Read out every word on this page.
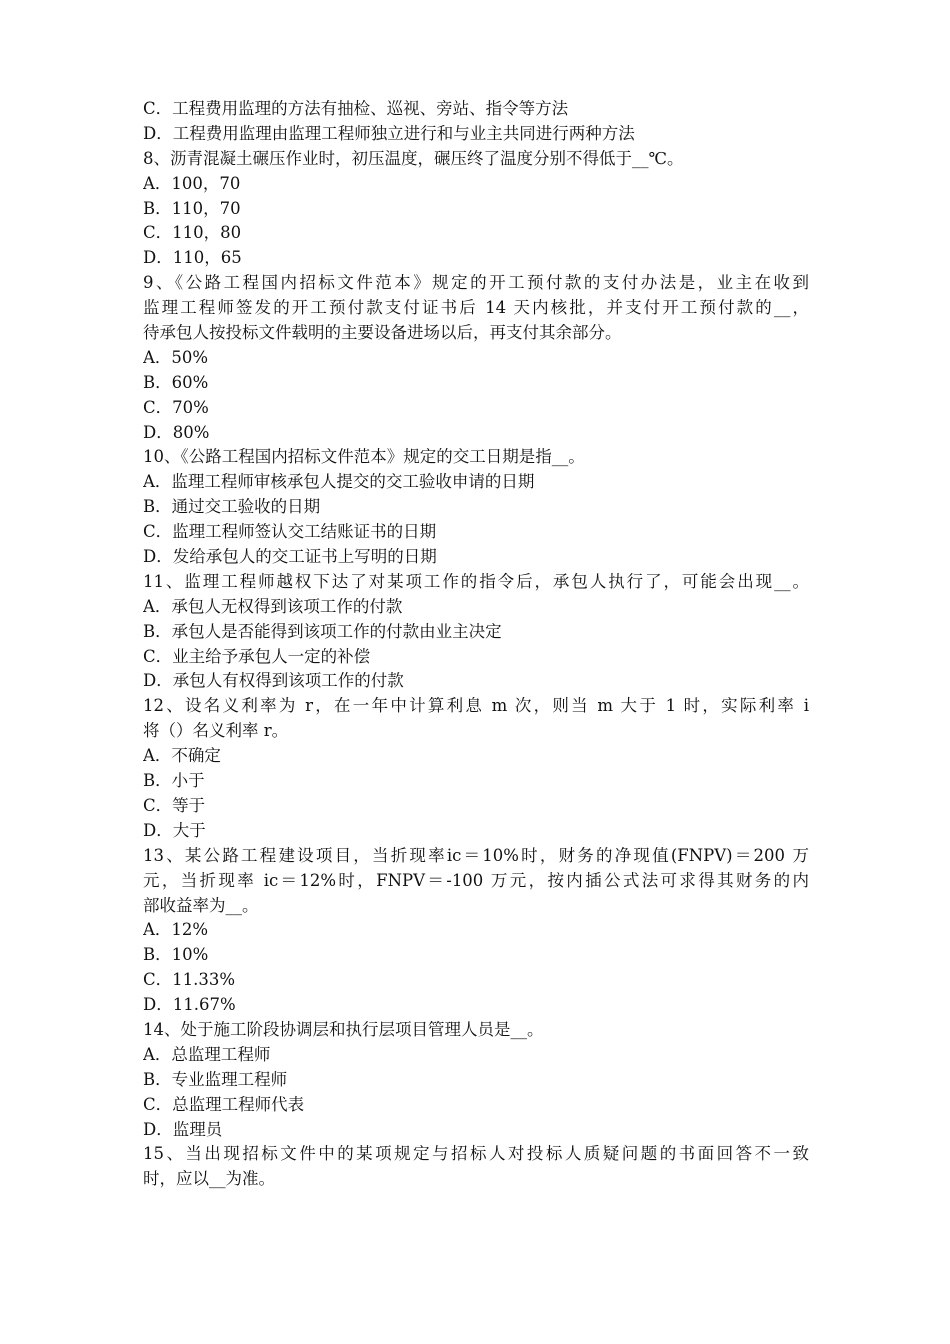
C．工程费用监理的方法有抽检、巡视、旁站、指令等方法
D．工程费用监理由监理工程师独立进行和与业主共同进行两种方法
8、沥青混凝土碾压作业时，初压温度，碾压终了温度分别不得低于__℃。
A．100，70
B．110，70
C．110，80
D．110，65
9、《公路工程国内招标文件范本》规定的开工预付款的支付办法是，业主在收到
监理工程师签发的开工预付款支付证书后 14 天内核批，并支付开工预付款的__，
待承包人按投标文件载明的主要设备进场以后，再支付其余部分。
A．50%
B．60%
C．70%
D．80%
10、《公路工程国内招标文件范本》规定的交工日期是指__。
A．监理工程师审核承包人提交的交工验收申请的日期
B．通过交工验收的日期
C．监理工程师签认交工结账证书的日期
D．发给承包人的交工证书上写明的日期
11、监理工程师越权下达了对某项工作的指令后，承包人执行了，可能会出现__。
A．承包人无权得到该项工作的付款
B．承包人是否能得到该项工作的付款由业主决定
C．业主给予承包人一定的补偿
D．承包人有权得到该项工作的付款
12、设名义利率为 r，在一年中计算利息 m 次，则当 m 大于 1 时，实际利率 i
将（）名义利率 r。
A．不确定
B．小于
C．等于
D．大于
13、某公路工程建设项目，当折现率ic＝10%时，财务的净现值(FNPV)＝200 万
元，当折现率 ic＝12%时，FNPV＝-100 万元，按内插公式法可求得其财务的内
部收益率为__。
A．12%
B．10%
C．11.33%
D．11.67%
14、处于施工阶段协调层和执行层项目管理人员是__。
A．总监理工程师
B．专业监理工程师
C．总监理工程师代表
D．监理员
15、当出现招标文件中的某项规定与招标人对投标人质疑问题的书面回答不一致
时，应以__为准。
